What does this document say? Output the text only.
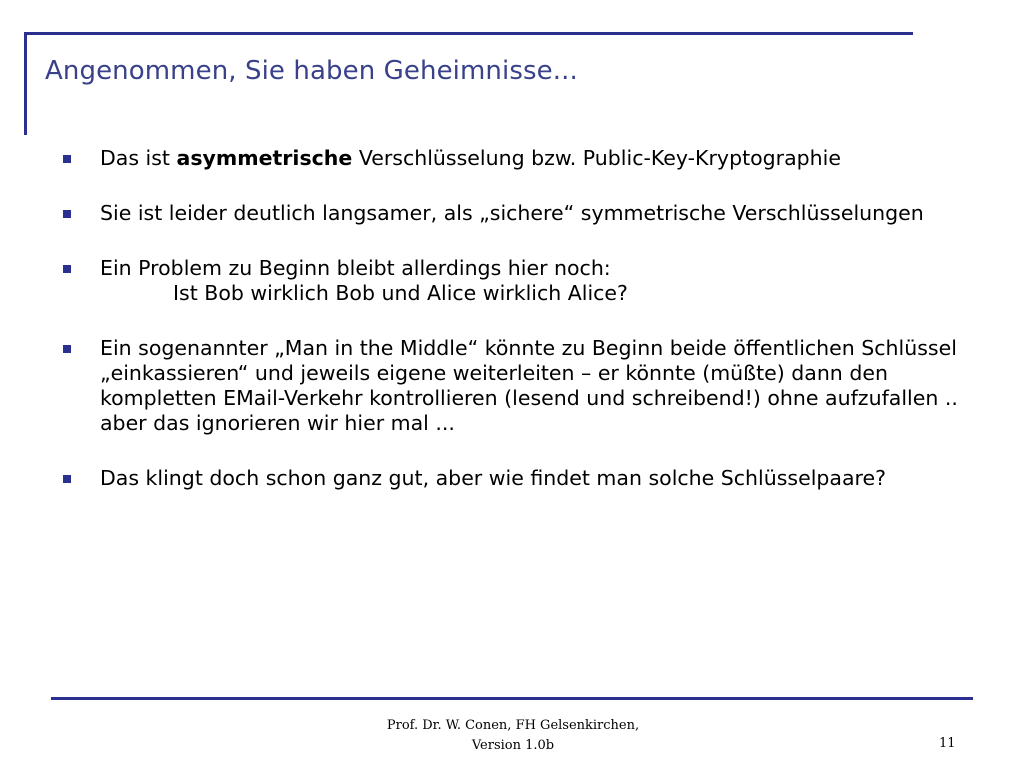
Angenommen, Sie haben Geheimnisse...
Das ist asymmetrische Verschlüsselung bzw. Public-Key-Kryptographie
Sie ist leider deutlich langsamer, als „sichere“ symmetrische Verschlüsselungen
Ein Problem zu Beginn bleibt allerdings hier noch:
Ist Bob wirklich Bob und Alice wirklich Alice?
Ein sogenannter „Man in the Middle“ könnte zu Beginn beide öffentlichen Schlüssel „einkassieren“ und jeweils eigene weiterleiten – er könnte (müßte) dann den kompletten EMail-Verkehr kontrollieren (lesend und schreibend!) ohne aufzufallen .. aber das ignorieren wir hier mal ...
Das klingt doch schon ganz gut, aber wie findet man solche Schlüsselpaare?
Prof. Dr. W. Conen, FH Gelsenkirchen,
Version 1.0b	11
